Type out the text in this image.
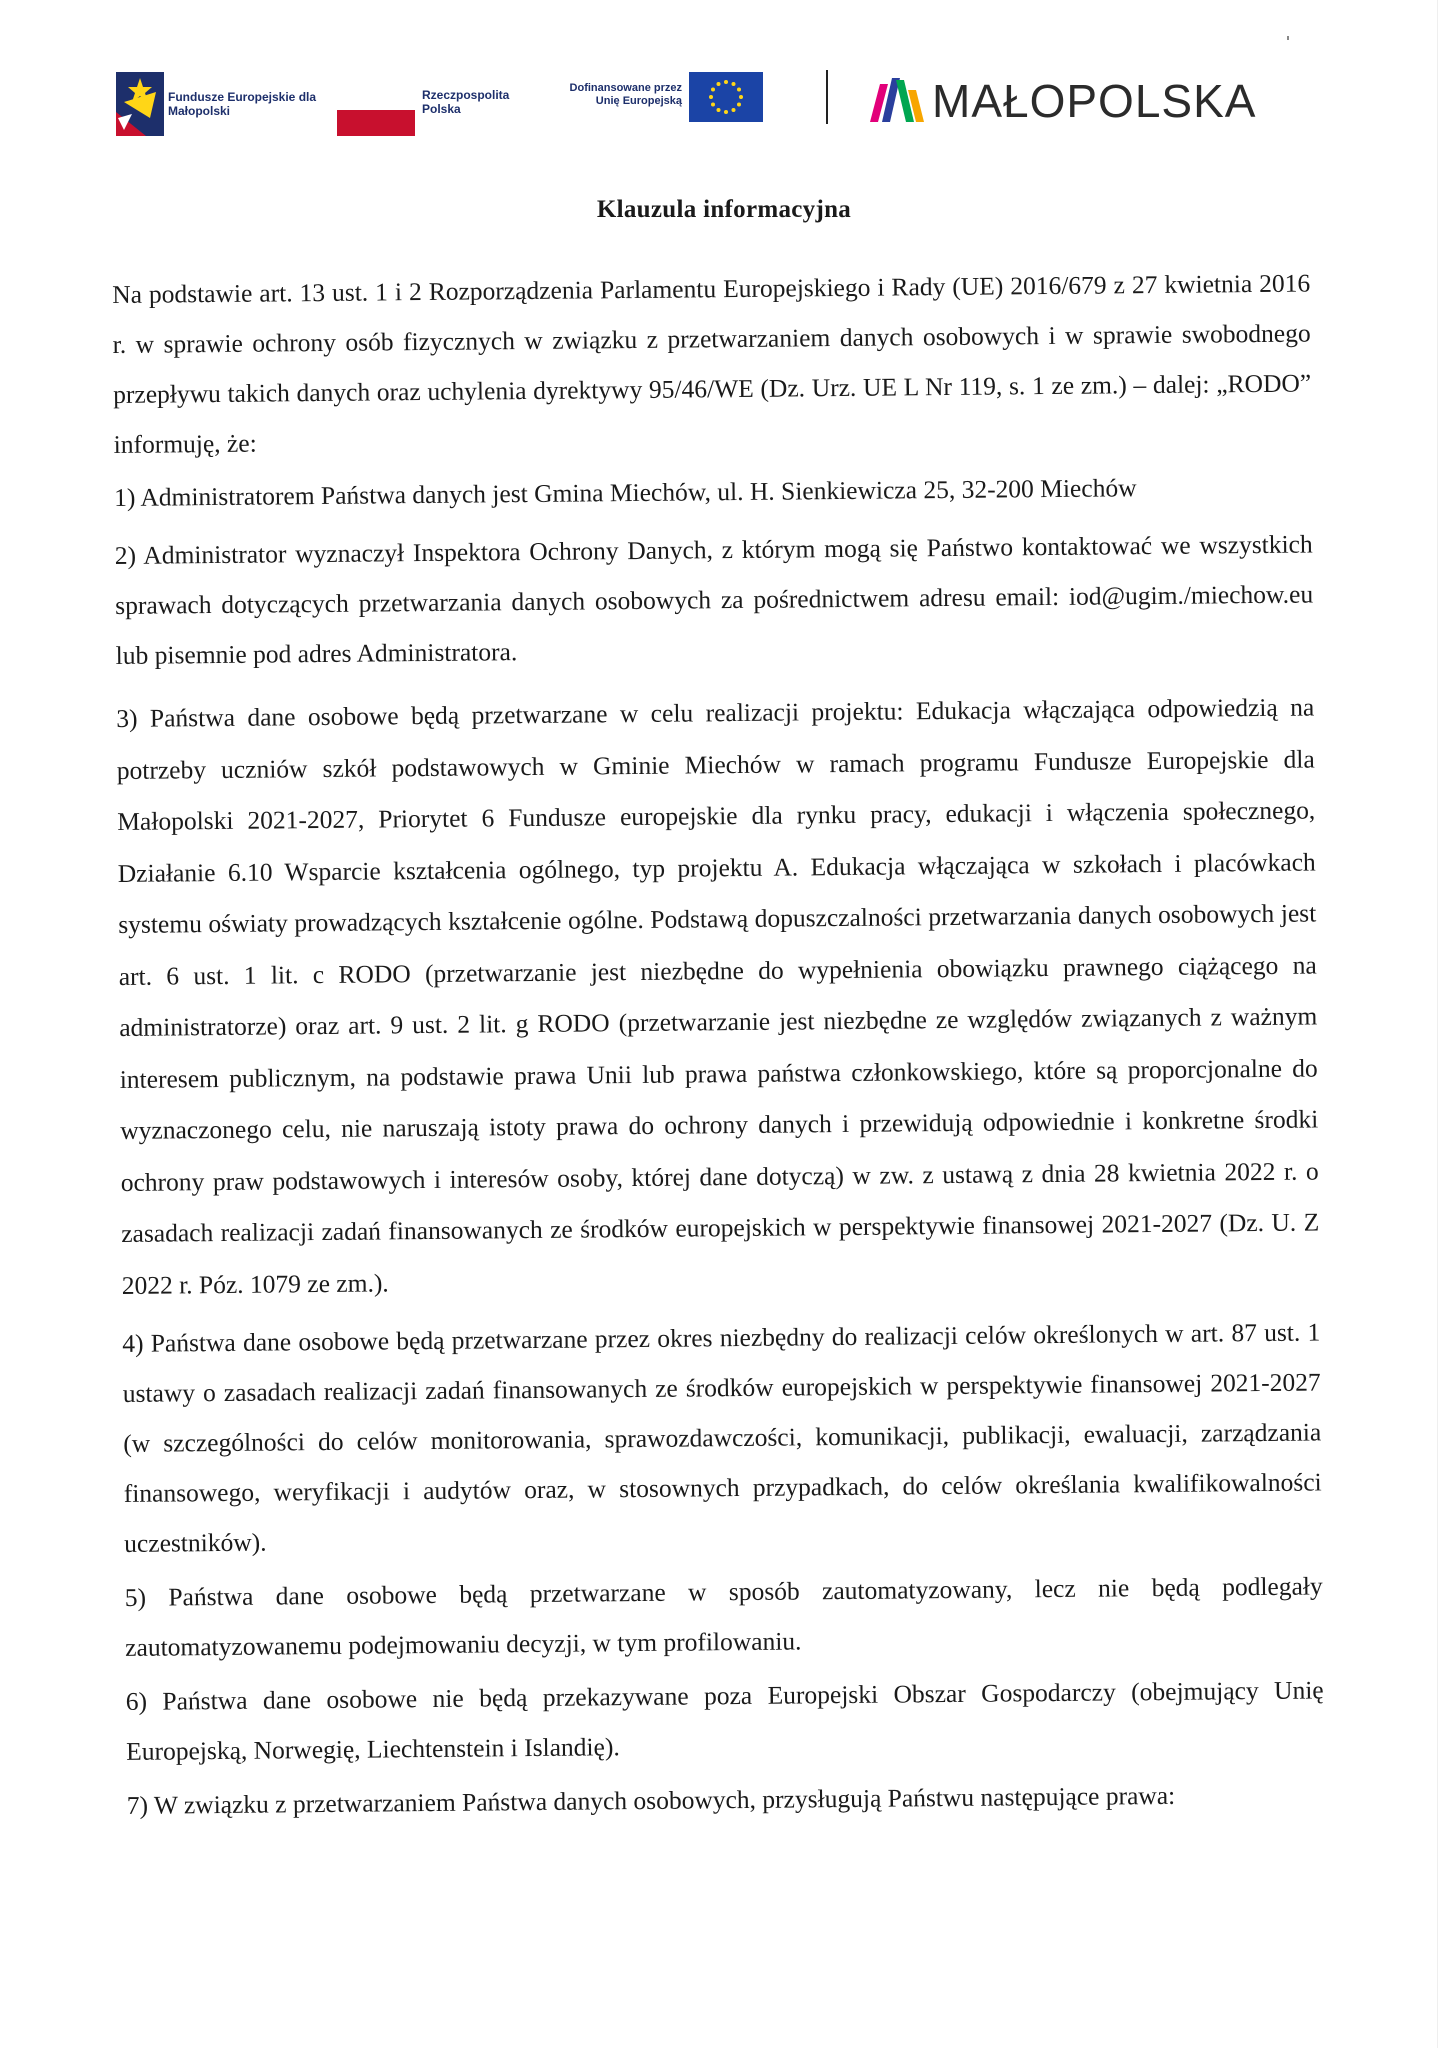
Fundusze Europejskie dla Małopolski
Rzeczpospolita Polska
Dofinansowane przez Unię Europejską	MAŁOPOLSKA
Klauzula informacyjna

Na podstawie art. 13 ust. 1 i 2 Rozporządzenia Parlamentu Europejskiego i Rady (UE) 2016/679 z 27 kwietnia 2016 r. w sprawie ochrony osób fizycznych w związku z przetwarzaniem danych osobowych i w sprawie swobodnego przepływu takich danych oraz uchylenia dyrektywy 95/46/WE (Dz. Urz. UE L Nr 119, s. 1 ze zm.) – dalej: „RODO” informuję, że:

1) Administratorem Państwa danych jest Gmina Miechów, ul. H. Sienkiewicza 25, 32-200 Miechów

2) Administrator wyznaczył Inspektora Ochrony Danych, z którym mogą się Państwo kontaktować we wszystkich sprawach dotyczących przetwarzania danych osobowych za pośrednictwem adresu email: iod@ugim./miechow.eu lub pisemnie pod adres Administratora.

3) Państwa dane osobowe będą przetwarzane w celu realizacji projektu: Edukacja włączająca odpowiedzią na potrzeby uczniów szkół podstawowych w Gminie Miechów w ramach programu Fundusze Europejskie dla Małopolski 2021-2027, Priorytet 6 Fundusze europejskie dla rynku pracy, edukacji i włączenia społecznego, Działanie 6.10 Wsparcie kształcenia ogólnego, typ projektu A. Edukacja włączająca w szkołach i placówkach systemu oświaty prowadzących kształcenie ogólne. Podstawą dopuszczalności przetwarzania danych osobowych jest art. 6 ust. 1 lit. c RODO (przetwarzanie jest niezbędne do wypełnienia obowiązku prawnego ciążącego na administratorze) oraz art. 9 ust. 2 lit. g RODO (przetwarzanie jest niezbędne ze względów związanych z ważnym interesem publicznym, na podstawie prawa Unii lub prawa państwa członkowskiego, które są proporcjonalne do wyznaczonego celu, nie naruszają istoty prawa do ochrony danych i przewidują odpowiednie i konkretne środki ochrony praw podstawowych i interesów osoby, której dane dotyczą) w zw. z ustawą z dnia 28 kwietnia 2022 r. o zasadach realizacji zadań finansowanych ze środków europejskich w perspektywie finansowej 2021-2027 (Dz. U. Z 2022 r. Póz. 1079 ze zm.).

4) Państwa dane osobowe będą przetwarzane przez okres niezbędny do realizacji celów określonych w art. 87 ust. 1 ustawy o zasadach realizacji zadań finansowanych ze środków europejskich w perspektywie finansowej 2021-2027 (w szczególności do celów monitorowania, sprawozdawczości, komunikacji, publikacji, ewaluacji, zarządzania finansowego, weryfikacji i audytów oraz, w stosownych przypadkach, do celów określania kwalifikowalności uczestników).

5) Państwa dane osobowe będą przetwarzane w sposób zautomatyzowany, lecz nie będą podlegały zautomatyzowanemu podejmowaniu decyzji, w tym profilowaniu.

6) Państwa dane osobowe nie będą przekazywane poza Europejski Obszar Gospodarczy (obejmujący Unię Europejską, Norwegię, Liechtenstein i Islandię).

7) W związku z przetwarzaniem Państwa danych osobowych, przysługują Państwu następujące prawa:
